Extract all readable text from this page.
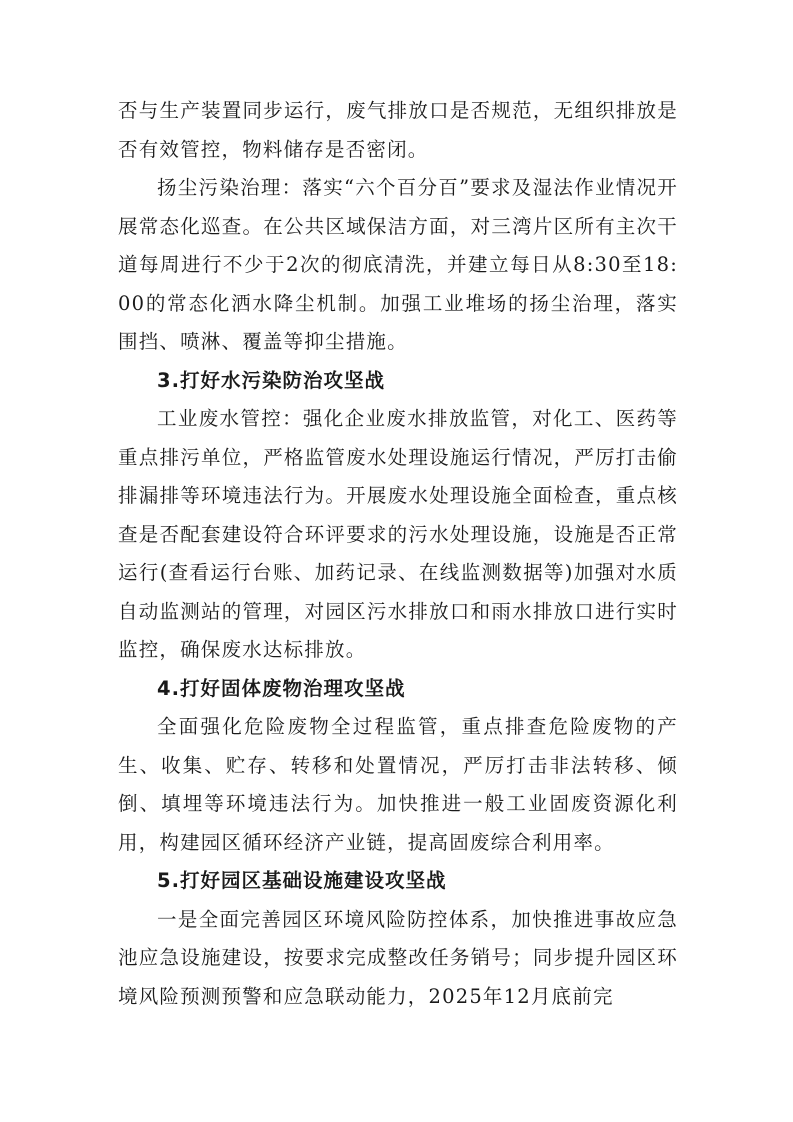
否与生产装置同步运行，废气排放口是否规范，无组织排放是否有效管控，物料储存是否密闭。

扬尘污染治理：落实“六个百分百”要求及湿法作业情况开展常态化巡查。在公共区域保洁方面，对三湾片区所有主次干道每周进行不少于2次的彻底清洗，并建立每日从8:30至18:00的常态化洒水降尘机制。加强工业堆场的扬尘治理，落实围挡、喷淋、覆盖等抑尘措施。

3.打好水污染防治攻坚战

工业废水管控：强化企业废水排放监管，对化工、医药等重点排污单位，严格监管废水处理设施运行情况，严厉打击偷排漏排等环境违法行为。开展废水处理设施全面检查，重点核查是否配套建设符合环评要求的污水处理设施，设施是否正常运行(查看运行台账、加药记录、在线监测数据等)加强对水质自动监测站的管理，对园区污水排放口和雨水排放口进行实时监控，确保废水达标排放。

4.打好固体废物治理攻坚战

全面强化危险废物全过程监管，重点排查危险废物的产生、收集、贮存、转移和处置情况，严厉打击非法转移、倾倒、填埋等环境违法行为。加快推进一般工业固废资源化利用，构建园区循环经济产业链，提高固废综合利用率。

5.打好园区基础设施建设攻坚战

一是全面完善园区环境风险防控体系，加快推进事故应急池应急设施建设，按要求完成整改任务销号；同步提升园区环境风险预测预警和应急联动能力，2025年12月底前完
